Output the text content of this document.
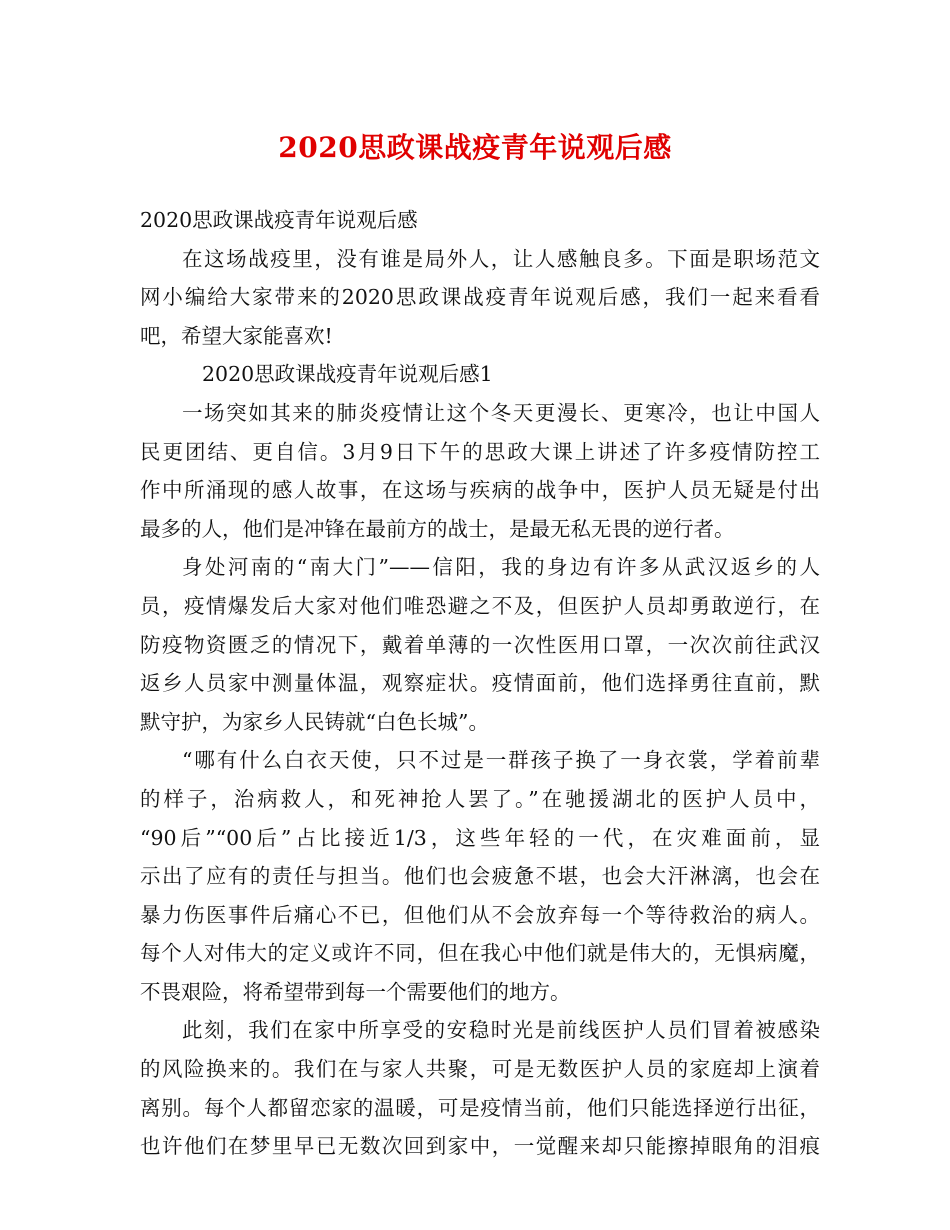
2020思政课战疫青年说观后感
2020思政课战疫青年说观后感
在这场战疫里，没有谁是局外人，让人感触良多。下面是职场范文
网小编给大家带来的2020思政课战疫青年说观后感，我们一起来看看
吧，希望大家能喜欢!
2020思政课战疫青年说观后感1
一场突如其来的肺炎疫情让这个冬天更漫长、更寒冷，也让中国人
民更团结、更自信。3月9日下午的思政大课上讲述了许多疫情防控工
作中所涌现的感人故事，在这场与疾病的战争中，医护人员无疑是付出
最多的人，他们是冲锋在最前方的战士，是最无私无畏的逆行者。
身处河南的“南大门”——信阳，我的身边有许多从武汉返乡的人
员，疫情爆发后大家对他们唯恐避之不及，但医护人员却勇敢逆行，在
防疫物资匮乏的情况下，戴着单薄的一次性医用口罩，一次次前往武汉
返乡人员家中测量体温，观察症状。疫情面前，他们选择勇往直前，默
默守护，为家乡人民铸就“白色长城”。
“哪有什么白衣天使，只不过是一群孩子换了一身衣裳，学着前辈
的样子，治病救人，和死神抢人罢了。”在驰援湖北的医护人员中，
“90后”“00后”占比接近1/3，这些年轻的一代，在灾难面前，显
示出了应有的责任与担当。他们也会疲惫不堪，也会大汗淋漓，也会在
暴力伤医事件后痛心不已，但他们从不会放弃每一个等待救治的病人。
每个人对伟大的定义或许不同，但在我心中他们就是伟大的，无惧病魔，
不畏艰险，将希望带到每一个需要他们的地方。
此刻，我们在家中所享受的安稳时光是前线医护人员们冒着被感染
的风险换来的。我们在与家人共聚，可是无数医护人员的家庭却上演着
离别。每个人都留恋家的温暖，可是疫情当前，他们只能选择逆行出征，
也许他们在梦里早已无数次回到家中，一觉醒来却只能擦掉眼角的泪痕
